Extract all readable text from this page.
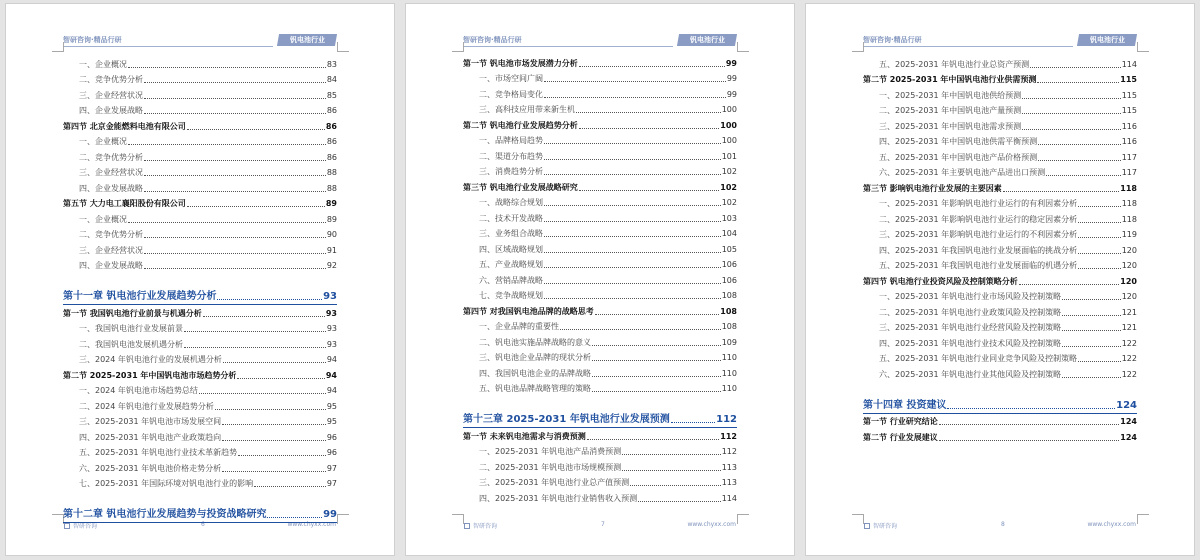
智研咨询·精品行研	钒电池行业
智研咨询	6	www.chyxx.com
一、企业概况	83
二、竞争优势分析	84
三、企业经营状况	85
四、企业发展战略	86
第四节 北京金能燃料电池有限公司	86
一、企业概况	86
二、竞争优势分析	86
三、企业经营状况	88
四、企业发展战略	88
第五节 大力电工襄阳股份有限公司	89
一、企业概况	89
二、竞争优势分析	90
三、企业经营状况	91
四、企业发展战略	92
第十一章 钒电池行业发展趋势分析	93
第一节 我国钒电池行业前景与机遇分析	93
一、我国钒电池行业发展前景	93
二、我国钒电池发展机遇分析	93
三、2024 年钒电池行业的发展机遇分析	94
第二节 2025-2031 年中国钒电池市场趋势分析	94
一、2024 年钒电池市场趋势总结	94
二、2024 年钒电池行业发展趋势分析	95
三、2025-2031 年钒电池市场发展空间	95
四、2025-2031 年钒电池产业政策趋向	96
五、2025-2031 年钒电池行业技术革新趋势	96
六、2025-2031 年钒电池价格走势分析	97
七、2025-2031 年国际环境对钒电池行业的影响	97
第十二章 钒电池行业发展趋势与投资战略研究	99
智研咨询·精品行研	钒电池行业
智研咨询	7	www.chyxx.com
第一节 钒电池市场发展潜力分析	99
一、市场空间广阔	99
二、竞争格局变化	99
三、高科技应用带来新生机	100
第二节 钒电池行业发展趋势分析	100
一、品牌格局趋势	100
二、渠道分布趋势	101
三、消费趋势分析	102
第三节 钒电池行业发展战略研究	102
一、战略综合规划	102
二、技术开发战略	103
三、业务组合战略	104
四、区域战略规划	105
五、产业战略规划	106
六、营销品牌战略	106
七、竞争战略规划	108
第四节 对我国钒电池品牌的战略思考	108
一、企业品牌的重要性	108
二、钒电池实施品牌战略的意义	109
三、钒电池企业品牌的现状分析	110
四、我国钒电池企业的品牌战略	110
五、钒电池品牌战略管理的策略	110
第十三章 2025-2031 年钒电池行业发展预测	112
第一节 未来钒电池需求与消费预测	112
一、2025-2031 年钒电池产品消费预测	112
二、2025-2031 年钒电池市场规模预测	113
三、2025-2031 年钒电池行业总产值预测	113
四、2025-2031 年钒电池行业销售收入预测	114
智研咨询·精品行研	钒电池行业
智研咨询	8	www.chyxx.com
五、2025-2031 年钒电池行业总资产预测	114
第二节 2025-2031 年中国钒电池行业供需预测	115
一、2025-2031 年中国钒电池供给预测	115
二、2025-2031 年中国钒电池产量预测	115
三、2025-2031 年中国钒电池需求预测	116
四、2025-2031 年中国钒电池供需平衡预测	116
五、2025-2031 年中国钒电池产品价格预测	117
六、2025-2031 年主要钒电池产品进出口预测	117
第三节 影响钒电池行业发展的主要因素	118
一、2025-2031 年影响钒电池行业运行的有利因素分析	118
二、2025-2031 年影响钒电池行业运行的稳定因素分析	118
三、2025-2031 年影响钒电池行业运行的不利因素分析	119
四、2025-2031 年我国钒电池行业发展面临的挑战分析	120
五、2025-2031 年我国钒电池行业发展面临的机遇分析	120
第四节 钒电池行业投资风险及控制策略分析	120
一、2025-2031 年钒电池行业市场风险及控制策略	120
二、2025-2031 年钒电池行业政策风险及控制策略	121
三、2025-2031 年钒电池行业经营风险及控制策略	121
四、2025-2031 年钒电池行业技术风险及控制策略	122
五、2025-2031 年钒电池行业同业竞争风险及控制策略	122
六、2025-2031 年钒电池行业其他风险及控制策略	122
第十四章 投资建议	124
第一节 行业研究结论	124
第二节 行业发展建议	124
